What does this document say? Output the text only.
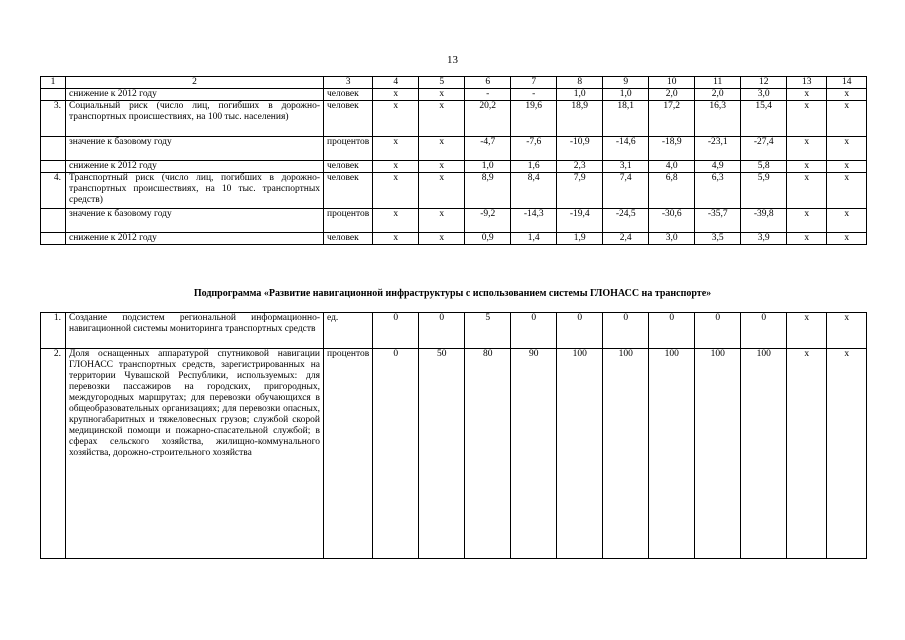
13
1	2	3	4	5	6	7	8	9	10	11	12	13	14
	снижение к 2012 году	человек	x	x	-	-	1,0	1,0	2,0	2,0	3,0	x	x
3.	Социальный риск (число лиц, погибших в дорожно-транспортных происшествиях, на 100 тыс. населения)	человек	x	x	20,2	19,6	18,9	18,1	17,2	16,3	15,4	x	x
	значение к базовому году	процентов	x	x	-4,7	-7,6	-10,9	-14,6	-18,9	-23,1	-27,4	x	x
	снижение к 2012 году	человек	x	x	1,0	1,6	2,3	3,1	4,0	4,9	5,8	x	x
4.	Транспортный риск (число лиц, погибших в дорожно-транспортных происшествиях, на 10 тыс. транспортных средств)	человек	x	x	8,9	8,4	7,9	7,4	6,8	6,3	5,9	x	x
	значение к базовому году	процентов	x	x	-9,2	-14,3	-19,4	-24,5	-30,6	-35,7	-39,8	x	x
	снижение к 2012 году	человек	x	x	0,9	1,4	1,9	2,4	3,0	3,5	3,9	x	x
Подпрограмма «Развитие навигационной инфраструктуры с использованием системы ГЛОНАСС на транспорте»
1.	Создание подсистем региональной информационно-навигационной системы мониторинга транспортных средств	ед.	0	0	5	0	0	0	0	0	0	x	x
2.	Доля оснащенных аппаратурой спутниковой навигации ГЛОНАСС транспортных средств, зарегистрированных на территории Чувашской Республики, используемых: для перевозки пассажиров на городских, пригородных, междугородных маршрутах; для перевозки обучающихся в общеобразовательных организациях; для перевозки опасных, крупногабаритных и тяжеловесных грузов; службой скорой медицинской помощи и пожарно-спасательной службой; в сферах сельского хозяйства, жилищно-коммунального хозяйства, дорожно-строительного хозяйства	процентов	0	50	80	90	100	100	100	100	100	x	x
